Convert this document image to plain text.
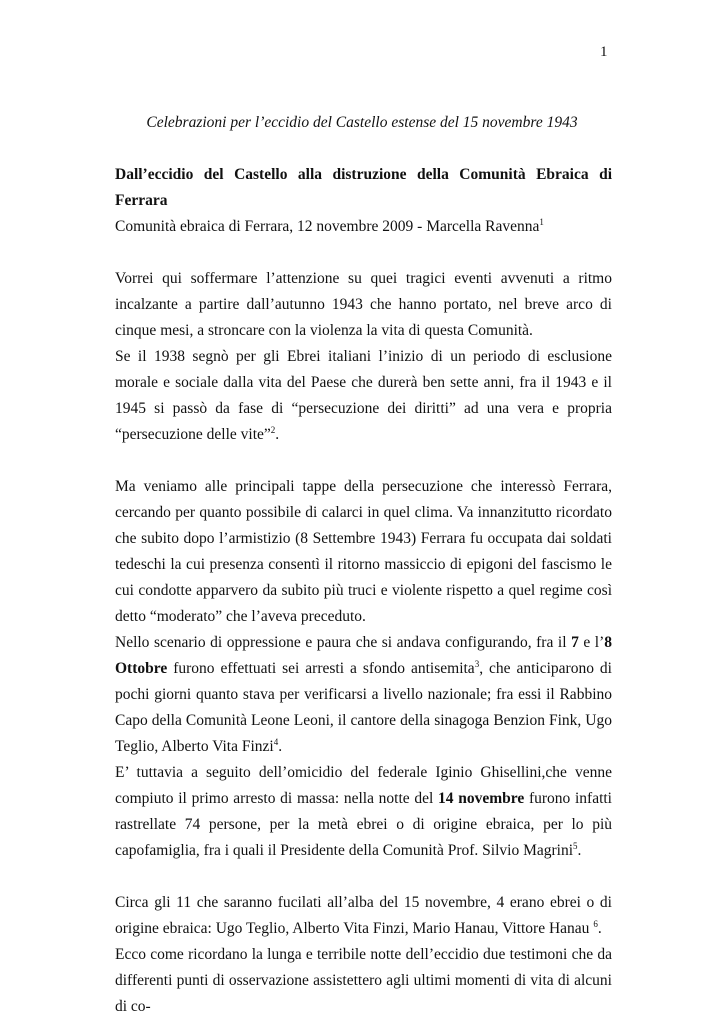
1
Celebrazioni per l’eccidio del Castello estense del 15 novembre 1943

Dall’eccidio del Castello alla distruzione della Comunità Ebraica di Ferrara

Comunità ebraica di Ferrara, 12 novembre 2009 - Marcella Ravenna$^1$

Vorrei qui soffermare l’attenzione su quei tragici eventi avvenuti a ritmo incalzante a partire dall’autunno 1943 che hanno portato, nel breve arco di cinque mesi, a stroncare con la violenza la vita di questa Comunità.

Se il 1938 segnò per gli Ebrei italiani l’inizio di un periodo di esclusione morale e sociale dalla vita del Paese che durerà ben sette anni, fra il 1943 e il 1945 si passò da fase di “persecuzione dei diritti” ad una vera e propria “persecuzione delle vite”$^2$.

Ma veniamo alle principali tappe della persecuzione che interessò Ferrara, cercando per quanto possibile di calarci in quel clima. Va innanzitutto ricordato che subito dopo l’armistizio (8 Settembre 1943) Ferrara fu occupata dai soldati tedeschi la cui presenza consentì il ritorno massiccio di epigoni del fascismo le cui condotte apparvero da subito più truci e violente rispetto a quel regime così detto “moderato” che l’aveva preceduto.

Nello scenario di oppressione e paura che si andava configurando, fra il 7 e l’8 Ottobre furono effettuati sei arresti a sfondo antisemita$^3$, che anticiparono di pochi giorni quanto stava per verificarsi a livello nazionale; fra essi il Rabbino Capo della Comunità Leone Leoni, il cantore della sinagoga Benzion Fink, Ugo Teglio, Alberto Vita Finzi$^4$.

E’ tuttavia a seguito dell’omicidio del federale Iginio Ghisellini,che venne compiuto il primo arresto di massa: nella notte del 14 novembre furono infatti rastrellate 74 persone, per la metà ebrei o di origine ebraica, per lo più capofamiglia, fra i quali il Presidente della Comunità Prof. Silvio Magrini$^5$.

Circa gli 11 che saranno fucilati all’alba del 15 novembre, 4 erano ebrei o di origine ebraica: Ugo Teglio, Alberto Vita Finzi, Mario Hanau, Vittore Hanau $^6$.

Ecco come ricordano la lunga e terribile notte dell’eccidio due testimoni che da differenti punti di osservazione assistettero agli ultimi momenti di vita di alcuni di co-
